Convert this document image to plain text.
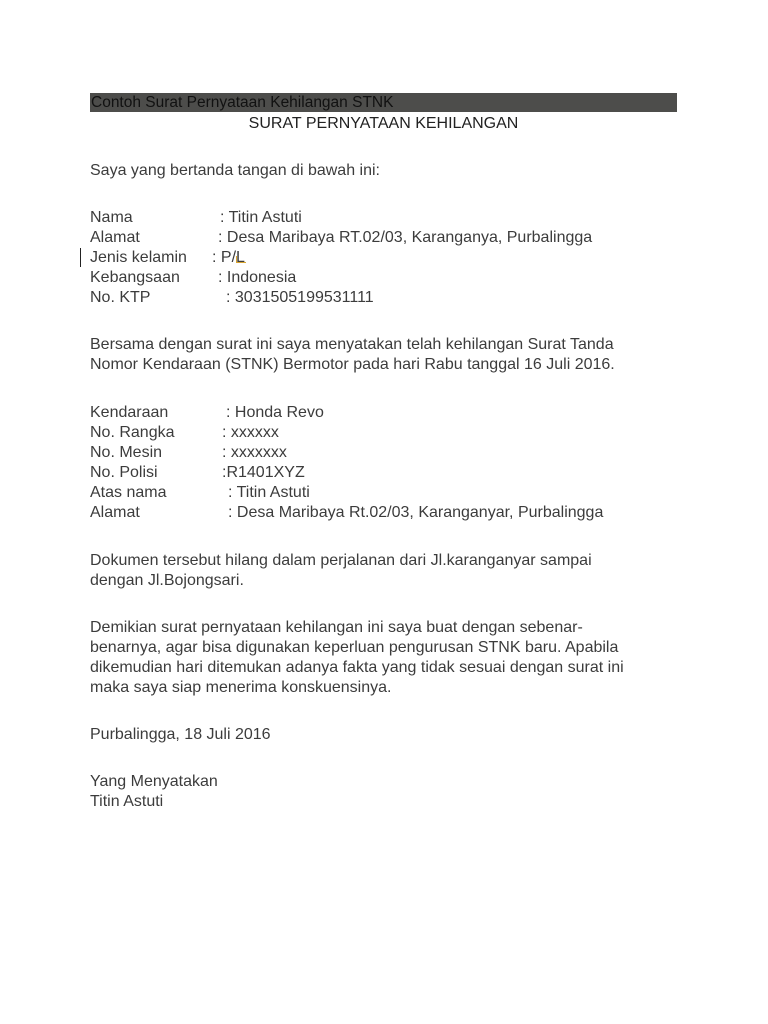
Contoh Surat Pernyataan Kehilangan STNK
SURAT PERNYATAAN KEHILANGAN
Saya yang bertanda tangan di bawah ini:
Nama	: Titin Astuti
Alamat	: Desa Maribaya RT.02/03, Karanganya, Purbalingga
Jenis kelamin : P/L
Kebangsaan : Indonesia
No. KTP	: 3031505199531111
Bersama dengan surat ini saya menyatakan telah kehilangan Surat Tanda
Nomor Kendaraan (STNK) Bermotor pada hari Rabu tanggal 16 Juli 2016.
Kendaraan	: Honda Revo
No. Rangka	: xxxxxx
No. Mesin	: xxxxxxx
No. Polisi	:R1401XYZ
Atas nama	: Titin Astuti
Alamat	: Desa Maribaya Rt.02/03, Karanganyar, Purbalingga
Dokumen tersebut hilang dalam perjalanan dari Jl.karanganyar sampai
dengan Jl.Bojongsari.
Demikian surat pernyataan kehilangan ini saya buat dengan sebenar-
benarnya, agar bisa digunakan keperluan pengurusan STNK baru. Apabila
dikemudian hari ditemukan adanya fakta yang tidak sesuai dengan surat ini
maka saya siap menerima konskuensinya.
Purbalingga, 18 Juli 2016
Yang Menyatakan
Titin Astuti
